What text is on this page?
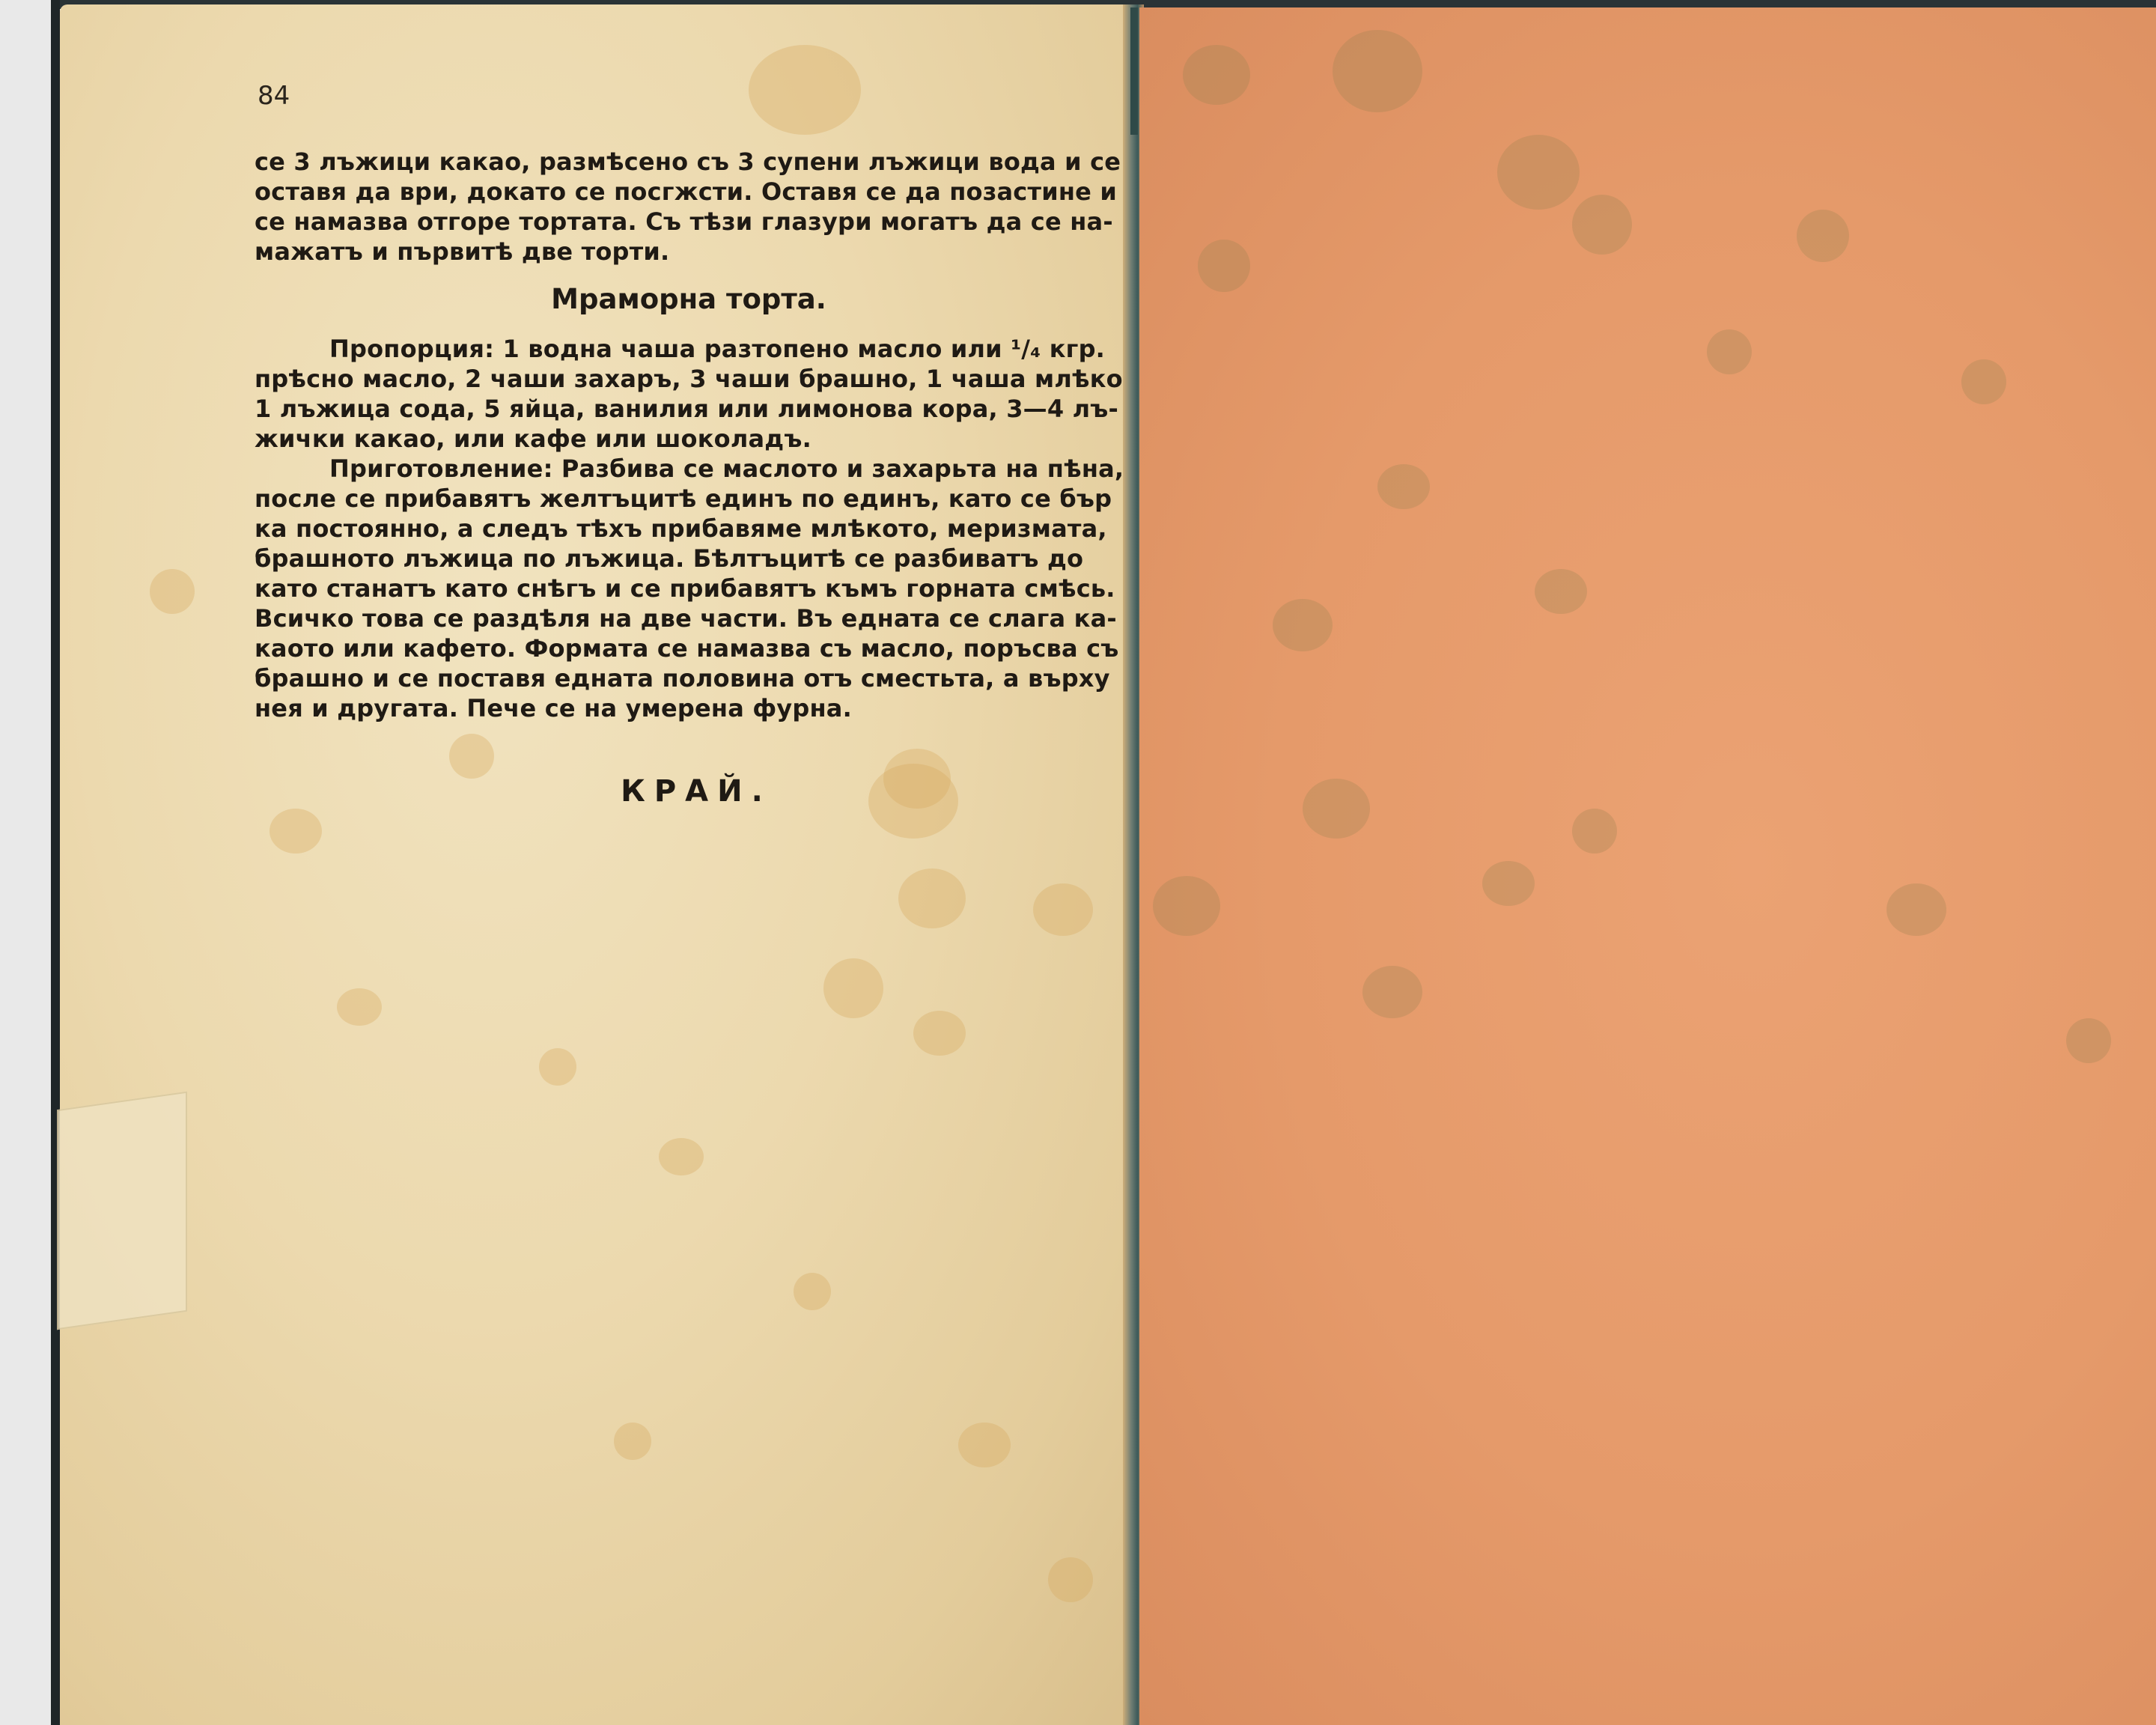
84
се 3 лъжици какао, размѣсено съ 3 супени лъжици вода и се
оставя да ври, докато се посгжсти. Оставя се да позастине и
се намазва отгоре тортата. Съ тѣзи глазури могатъ да се на-
мажатъ и първитѣ две торти.
Мраморна торта.
Пропорция: 1 водна чаша разтопено масло или ¹/₄ кгр.
прѣсно масло, 2 чаши захаръ, 3 чаши брашно, 1 чаша млѣко
1 лъжица сода, 5 яйца, ванилия или лимонова кора, 3—4 лъ-
жички какао, или кафе или шоколадъ.
Приготовление: Разбива се маслото и захарьта на пѣна,
после се прибавятъ желтъцитѣ единъ по единъ, като се бър
ка постоянно, а следъ тѣхъ прибавяме млѣкото, меризмата,
брашното лъжица по лъжица. Бѣлтъцитѣ се разбиватъ до
като станатъ като снѣгъ и се прибавятъ къмъ горната смѣсь.
Всичко това се раздѣля на две части. Въ едната се слага ка-
каото или кафето. Формата се намазва съ масло, поръсва съ
брашно и се поставя едната половина отъ сместьта, а върху
нея и другата. Пече се на умерена фурна.
КРАЙ.
